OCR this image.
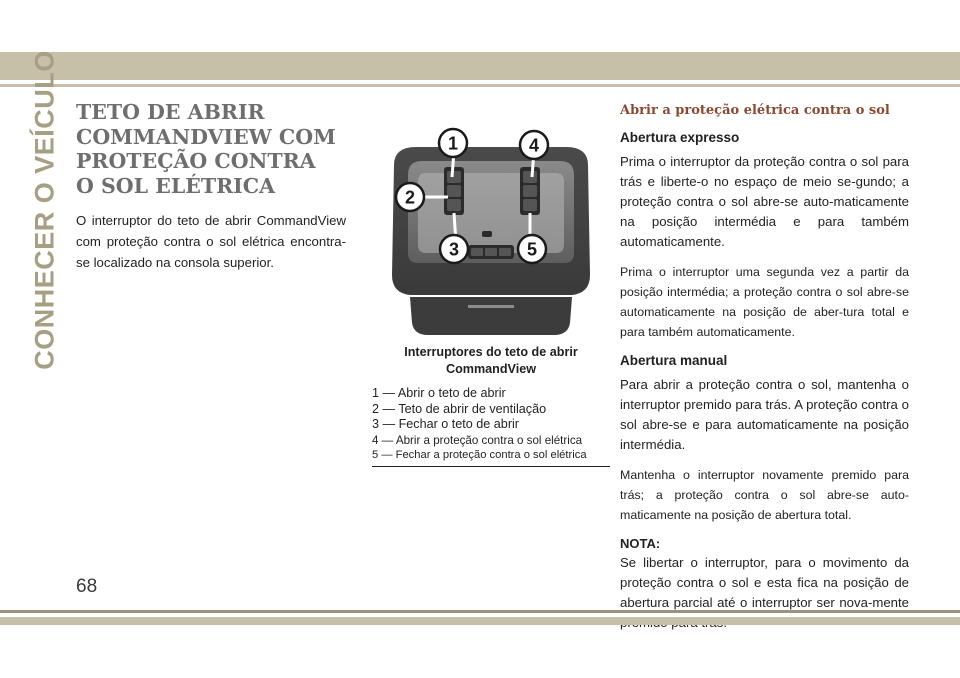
CONHECER O VEÍCULO TETO DE ABRIR
COMMANDVIEW COM
PROTEÇÃO CONTRA
O SOL ELÉTRICA

O interruptor do teto de abrir CommandView com proteção contra o sol elétrica encontra-se localizado na consola superior.

1
2
3
4
5
Interruptores do teto de abrir
CommandView
1 — Abrir o teto de abrir
2 — Teto de abrir de ventilação
3 — Fechar o teto de abrir
4 — Abrir a proteção contra o sol elétrica
5 — Fechar a proteção contra o sol elétrica
Abrir a proteção elétrica contra o sol
Abertura expresso

Prima o interruptor da proteção contra o sol para trás e liberte-o no espaço de meio se-gundo; a proteção contra o sol abre-se auto-maticamente na posição intermédia e para também automaticamente.

Prima o interruptor uma segunda vez a partir da posição intermédia; a proteção contra o sol abre-se automaticamente na posição de aber-tura total e para também automaticamente.

Abertura manual

Para abrir a proteção contra o sol, mantenha o interruptor premido para trás. A proteção contra o sol abre-se e para automaticamente na posição intermédia.

Mantenha o interruptor novamente premido para trás; a proteção contra o sol abre-se auto-maticamente na posição de abertura total.

NOTA:

Se libertar o interruptor, para o movimento da proteção contra o sol e esta fica na posição de abertura parcial até o interruptor ser nova-mente

68
